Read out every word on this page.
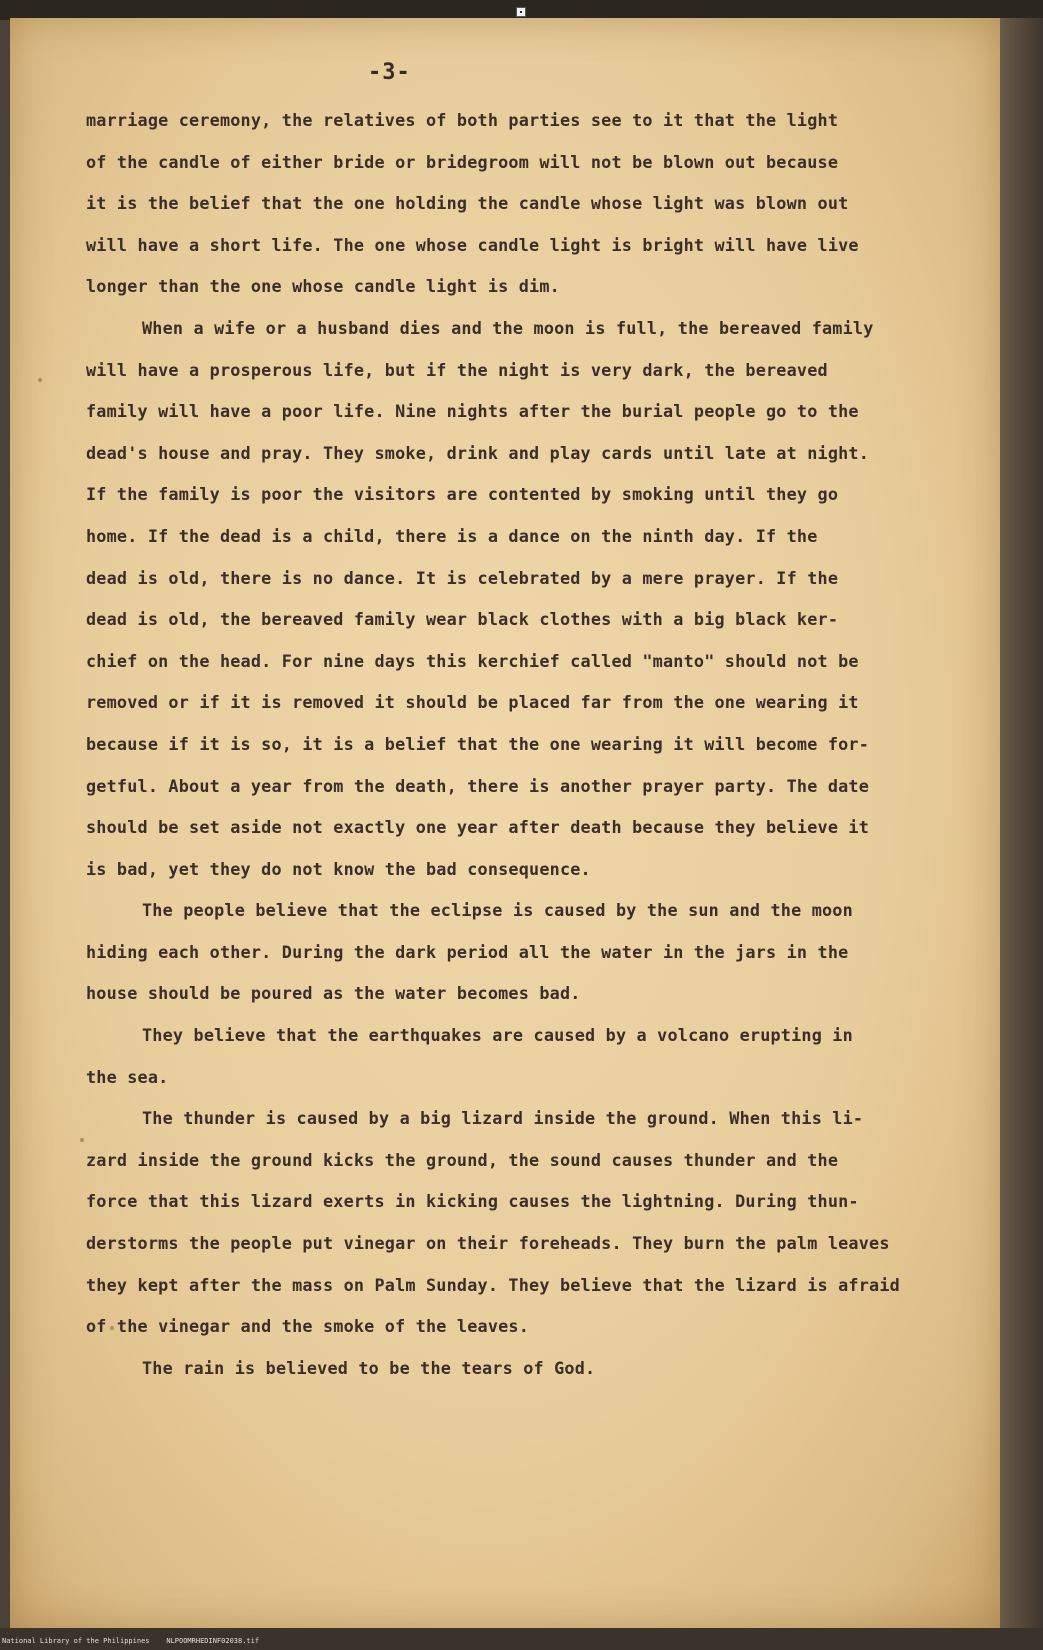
-3-
marriage ceremony, the relatives of both parties see to it that the light
of the candle of either bride or bridegroom will not be blown out because
it is the belief that the one holding the candle whose light was blown out
will have a short life. The one whose candle light is bright will have live
longer than the one whose candle light is dim.
When a wife or a husband dies and the moon is full, the bereaved family
will have a prosperous life, but if the night is very dark, the bereaved
family will have a poor life. Nine nights after the burial people go to the
dead's house and pray. They smoke, drink and play cards until late at night.
If the family is poor the visitors are contented by smoking until they go
home. If the dead is a child, there is a dance on the ninth day. If the
dead is old, there is no dance. It is celebrated by a mere prayer. If the
dead is old, the bereaved family wear black clothes with a big black ker-
chief on the head. For nine days this kerchief called "manto" should not be
removed or if it is removed it should be placed far from the one wearing it
because if it is so, it is a belief that the one wearing it will become for-
getful. About a year from the death, there is another prayer party. The date
should be set aside not exactly one year after death because they believe it
is bad, yet they do not know the bad consequence.
The people believe that the eclipse is caused by the sun and the moon
hiding each other. During the dark period all the water in the jars in the
house should be poured as the water becomes bad.
They believe that the earthquakes are caused by a volcano erupting in
the sea.
The thunder is caused by a big lizard inside the ground. When this li-
zard inside the ground kicks the ground, the sound causes thunder and the
force that this lizard exerts in kicking causes the lightning. During thun-
derstorms the people put vinegar on their foreheads. They burn the palm leaves
they kept after the mass on Palm Sunday. They believe that the lizard is afraid
of the vinegar and the smoke of the leaves.
The rain is believed to be the tears of God.
National Library of the Philippines    NLPOOMRHEDINF02038.tif
